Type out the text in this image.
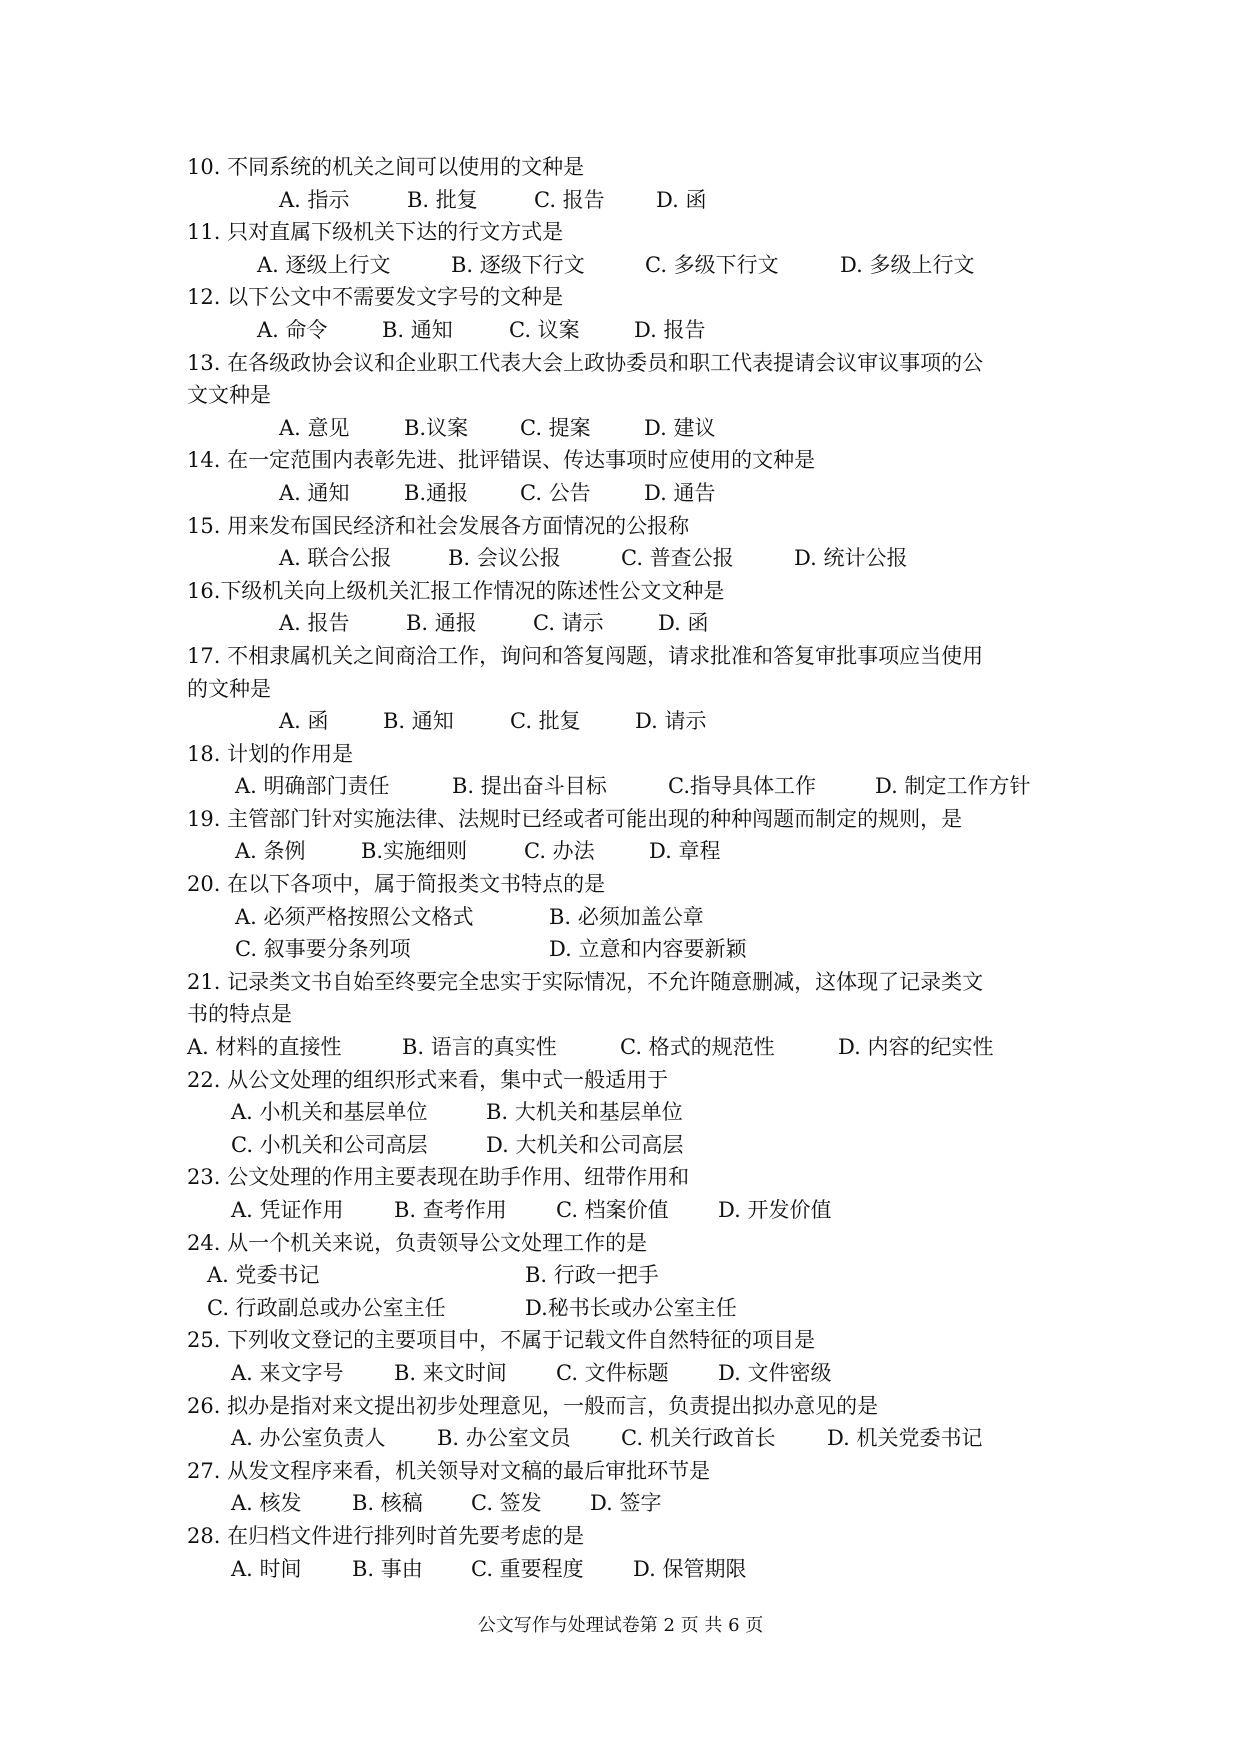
10. 不同系统的机关之间可以使用的文种是
A. 指示	B. 批复	C. 报告 D. 函
11. 只对直属下级机关下达的行文方式是
A. 逐级上行文	B. 逐级下行文	C. 多级下行文	D. 多级上行文
12. 以下公文中不需要发文字号的文种是
A. 命令	B. 通知	C. 议案	D. 报告
13. 在各级政协会议和企业职工代表大会上政协委员和职工代表提请会议审议事项的公
文文种是
A. 意见	B.议案 C. 提案	D. 建议
14. 在一定范围内表彰先进、批评错误、传达事项时应使用的文种是
A. 通知	B.通报 C. 公告	D. 通告
15. 用来发布国民经济和社会发展各方面情况的公报称
A. 联合公报	B. 会议公报	C. 普查公报	D. 统计公报
16.下级机关向上级机关汇报工作情况的陈述性公文文种是
A. 报告	B. 通报	C. 请示	D. 函
17. 不相隶属机关之间商洽工作，询问和答复闯题，请求批准和答复审批事项应当使用
的文种是
A. 函	B. 通知	C. 批复	D. 请示
18. 计划的作用是
A. 明确部门责任	B. 提出奋斗目标	C.指导具体工作	D. 制定工作方针
19. 主管部门针对实施法律、法规时已经或者可能出现的种种闯题而制定的规则，是
A. 条例	B.实施细则	C. 办法	D. 章程
20. 在以下各项中，属于简报类文书特点的是
A. 必须严格按照公文格式	B. 必须加盖公章
C. 叙事要分条列项	D. 立意和内容要新颖
21. 记录类文书自始至终要完全忠实于实际情况，不允许随意删减，这体现了记录类文
书的特点是
A. 材料的直接性	B. 语言的真实性	C. 格式的规范性	D. 内容的纪实性
22. 从公文处理的组织形式来看，集中式一般适用于
A. 小机关和基层单位	B. 大机关和基层单位
C. 小机关和公司高层	D. 大机关和公司高层
23. 公文处理的作用主要表现在助手作用、纽带作用和
A. 凭证作用 B. 查考作用 C. 档案价值 D. 开发价值
24. 从一个机关来说，负责领导公文处理工作的是
A. 党委书记	B. 行政一把手
C. 行政副总或办公室主任	D.秘书长或办公室主任
25. 下列收文登记的主要项目中，不属于记载文件自然特征的项目是
A. 来文字号 B. 来文时间 C. 文件标题 D. 文件密级
26. 拟办是指对来文提出初步处理意见，一般而言，负责提出拟办意见的是
A. 办公室负责人 B. 办公室文员 C. 机关行政首长 D. 机关党委书记
27. 从发文程序来看，机关领导对文稿的最后审批环节是
A. 核发 B. 核稿 C. 签发 D. 签字
28. 在归档文件进行排列时首先要考虑的是
A. 时间 B. 事由 C. 重要程度 D. 保管期限
公文写作与处理试卷第 2 页 共 6 页
